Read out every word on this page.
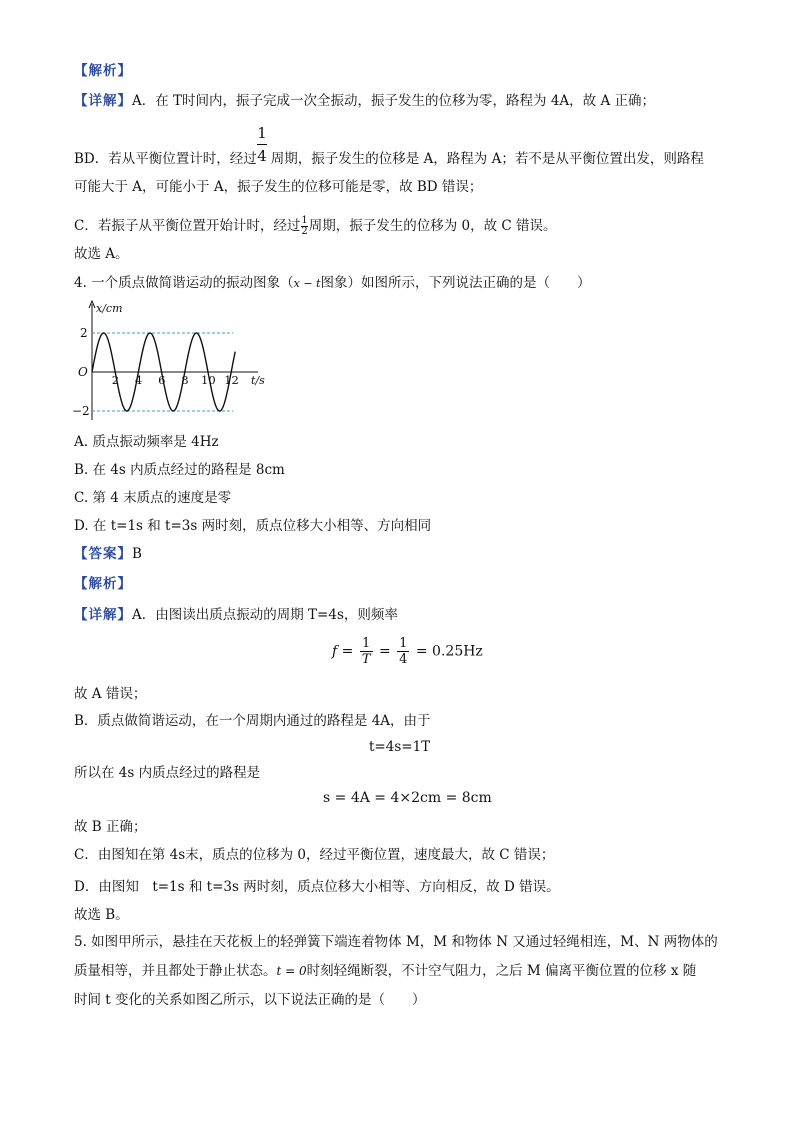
【解析】
【详解】A．在 T时间内，振子完成一次全振动，振子发生的位移为零，路程为 4A，故 A 正确；
1
4
BD．若从平衡位置计时，经过 周期，振子发生的位移是 A，路程为 A；若不是从平衡位置出发，则路程
可能大于 A，可能小于 A，振子发生的位移可能是零，故 BD 错误；
C．若振子从平衡位置开始计时，经过 $\frac{1}{2}$ 周期，振子发生的位移为 0，故 C 错误。
故选 A。
4. 一个质点做简谐运动的振动图象（x − t图象）如图所示，下列说法正确的是（　　）
x/cm
O
2
−2
2 4 6 8 10 12 t/s
A. 质点振动频率是 4Hz
B. 在 4s 内质点经过的路程是 8cm
C. 第 4 末质点的速度是零
D. 在 t=1s 和 t=3s 两时刻，质点位移大小相等、方向相同
【答案】B
【解析】
【详解】A．由图读出质点振动的周期 T=4s，则频率
$f = \frac{1}{T} = \frac{1}{4} = 0.25Hz$
故 A 错误；
B．质点做简谐运动，在一个周期内通过的路程是 4A，由于
t=4s=1T
所以在 4s 内质点经过的路程是
s = 4A = 4×2cm = 8cm
故 B 正确；
C．由图知在第 4s末，质点的位移为 0，经过平衡位置，速度最大，故 C 错误；
D．由图知　t=1s 和 t=3s 两时刻，质点位移大小相等、方向相反，故 D 错误。
故选 B。
5. 如图甲所示，悬挂在天花板上的轻弹簧下端连着物体 M，M 和物体 N 又通过轻绳相连，M、N 两物体的
质量相等，并且都处于静止状态。t = 0时刻轻绳断裂，不计空气阻力，之后 M 偏离平衡位置的位移 x 随
时间 t 变化的关系如图乙所示，以下说法正确的是（　　）
